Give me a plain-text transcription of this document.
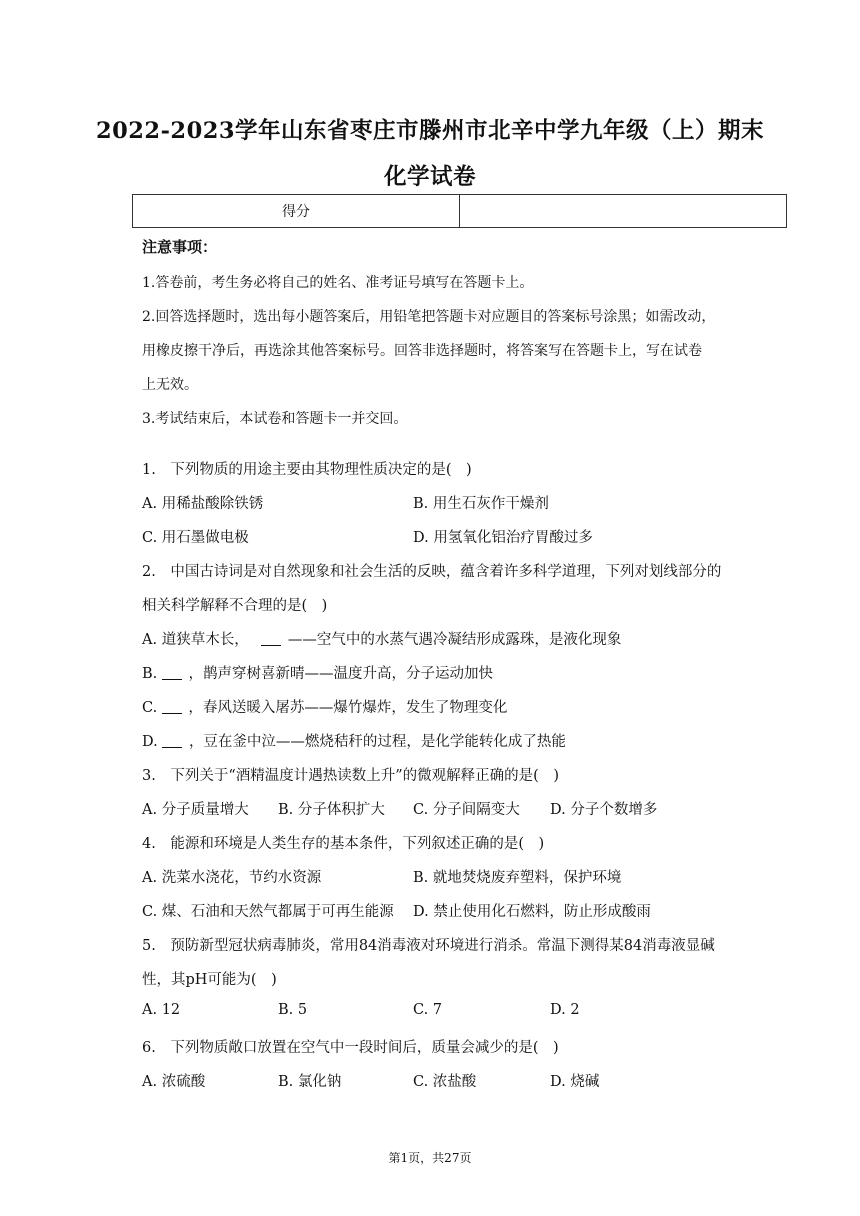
2022-2023学年山东省枣庄市滕州市北辛中学九年级（上）期末
化学试卷
得分
注意事项：
1.答卷前，考生务必将自己的姓名、准考证号填写在答题卡上。
2.回答选择题时，选出每小题答案后，用铅笔把答题卡对应题目的答案标号涂黑；如需改动，
用橡皮擦干净后，再选涂其他答案标号。回答非选择题时，将答案写在答题卡上，写在试卷
上无效。
3.考试结束后，本试卷和答题卡一并交回。
1.　下列物质的用途主要由其物理性质决定的是(　)
A. 用稀盐酸除铁锈	B. 用生石灰作干燥剂
C. 用石墨做电极	D. 用氢氧化铝治疗胃酸过多
2.　中国古诗词是对自然现象和社会生活的反映，蕴含着许多科学道理，下列对划线部分的
相关科学解释不合理的是(　)
A. 道狭草木长，	——空气中的水蒸气遇冷凝结形成露珠，是液化现象
B. ，鹊声穿树喜新晴——温度升高，分子运动加快
C. ，春风送暖入屠苏——爆竹爆炸，发生了物理变化
D. ，豆在釜中泣——燃烧秸秆的过程，是化学能转化成了热能
3.　下列关于“酒精温度计遇热读数上升”的微观解释正确的是(　)
A. 分子质量增大 B. 分子体积扩大 C. 分子间隔变大 D. 分子个数增多
4.　能源和环境是人类生存的基本条件，下列叙述正确的是(　)
A. 洗菜水浇花，节约水资源	B. 就地焚烧废弃塑料，保护环境
C. 煤、石油和天然气都属于可再生能源 D. 禁止使用化石燃料，防止形成酸雨
5.　预防新型冠状病毒肺炎，常用84消毒液对环境进行消杀。常温下测得某84消毒液显碱
性，其pH可能为(　)
A. 12	B. 5	C. 7	D. 2
6.　下列物质敞口放置在空气中一段时间后，质量会减少的是(　)
A. 浓硫酸	B. 氯化钠	C. 浓盐酸	D. 烧碱
第1页，共27页
